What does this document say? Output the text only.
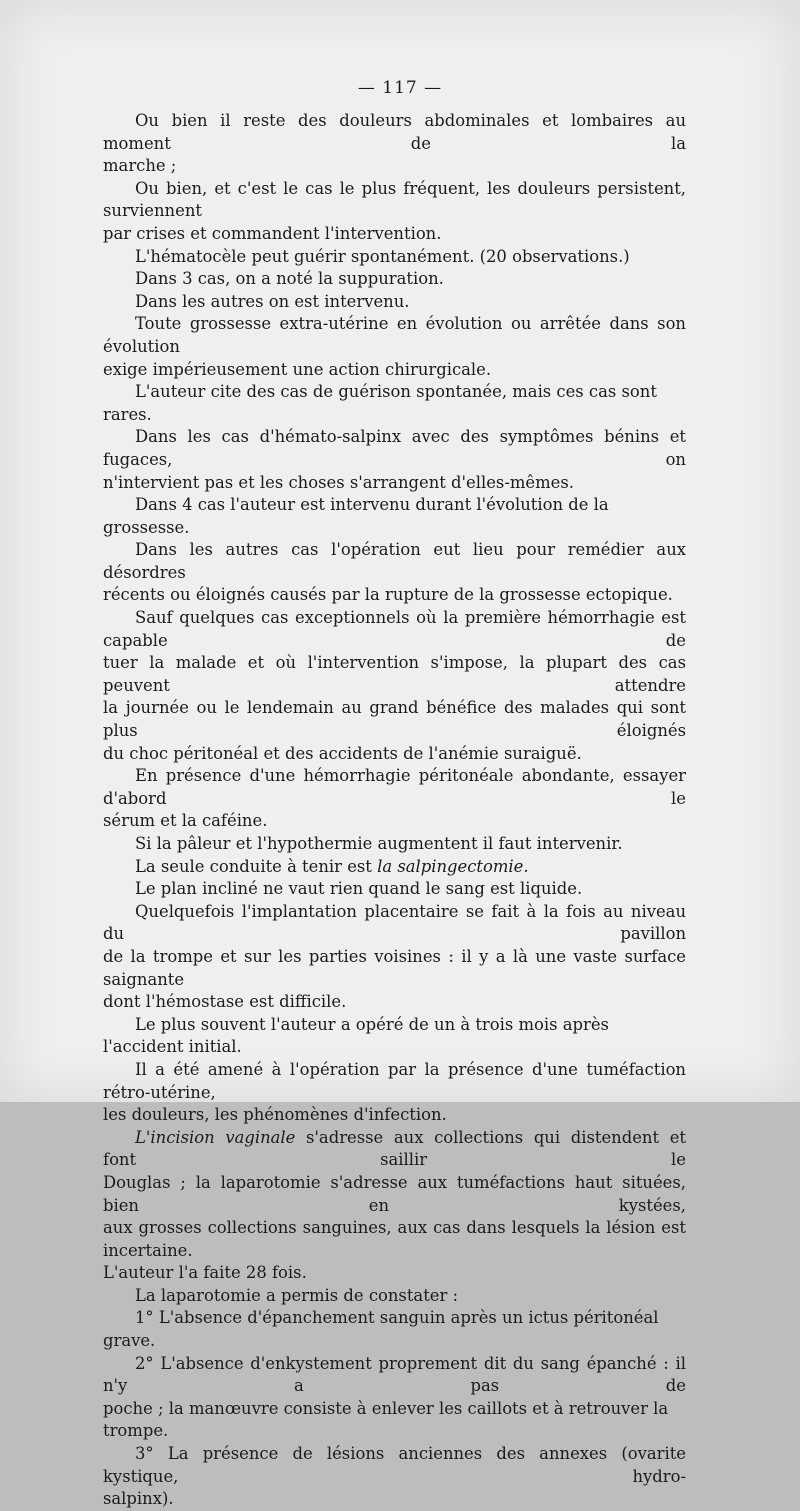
— 117 —

Ou bien il reste des douleurs abdominales et lombaires au moment de la
marche ;

Ou bien, et c'est le cas le plus fréquent, les douleurs persistent, surviennent
par crises et commandent l'intervention.

L'hématocèle peut guérir spontanément. (20 observations.)

Dans 3 cas, on a noté la suppuration.

Dans les autres on est intervenu.

Toute grossesse extra-utérine en évolution ou arrêtée dans son évolution
exige impérieusement une action chirurgicale.

L'auteur cite des cas de guérison spontanée, mais ces cas sont rares.

Dans les cas d'hémato-salpinx avec des symptômes bénins et fugaces, on
n'intervient pas et les choses s'arrangent d'elles-mêmes.

Dans 4 cas l'auteur est intervenu durant l'évolution de la grossesse.

Dans les autres cas l'opération eut lieu pour remédier aux désordres
récents ou éloignés causés par la rupture de la grossesse ectopique.

Sauf quelques cas exceptionnels où la première hémorrhagie est capable de
tuer la malade et où l'intervention s'impose, la plupart des cas peuvent attendre
la journée ou le lendemain au grand bénéfice des malades qui sont plus éloignés
du choc péritonéal et des accidents de l'anémie suraiguë.

En présence d'une hémorrhagie péritonéale abondante, essayer d'abord le
sérum et la caféine.

Si la pâleur et l'hypothermie augmentent il faut intervenir.

La seule conduite à tenir est la salpingectomie.

Le plan incliné ne vaut rien quand le sang est liquide.

Quelquefois l'implantation placentaire se fait à la fois au niveau du pavillon
de la trompe et sur les parties voisines : il y a là une vaste surface saignante
dont l'hémostase est difficile.

Le plus souvent l'auteur a opéré de un à trois mois après l'accident initial.

Il a été amené à l'opération par la présence d'une tuméfaction rétro-utérine,
les douleurs, les phénomènes d'infection.

L'incision vaginale s'adresse aux collections qui distendent et font saillir le
Douglas ; la laparotomie s'adresse aux tuméfactions haut situées, bien en kystées,
aux grosses collections sanguines, aux cas dans lesquels la lésion est incertaine.
L'auteur l'a faite 28 fois.

La laparotomie a permis de constater :

1° L'absence d'épanchement sanguin après un ictus péritonéal grave.

2° L'absence d'enkystement proprement dit du sang épanché : il n'y a pas de
poche ; la manœuvre consiste à enlever les caillots et à retrouver la trompe.

3° La présence de lésions anciennes des annexes (ovarite kystique, hydro-
salpinx).
